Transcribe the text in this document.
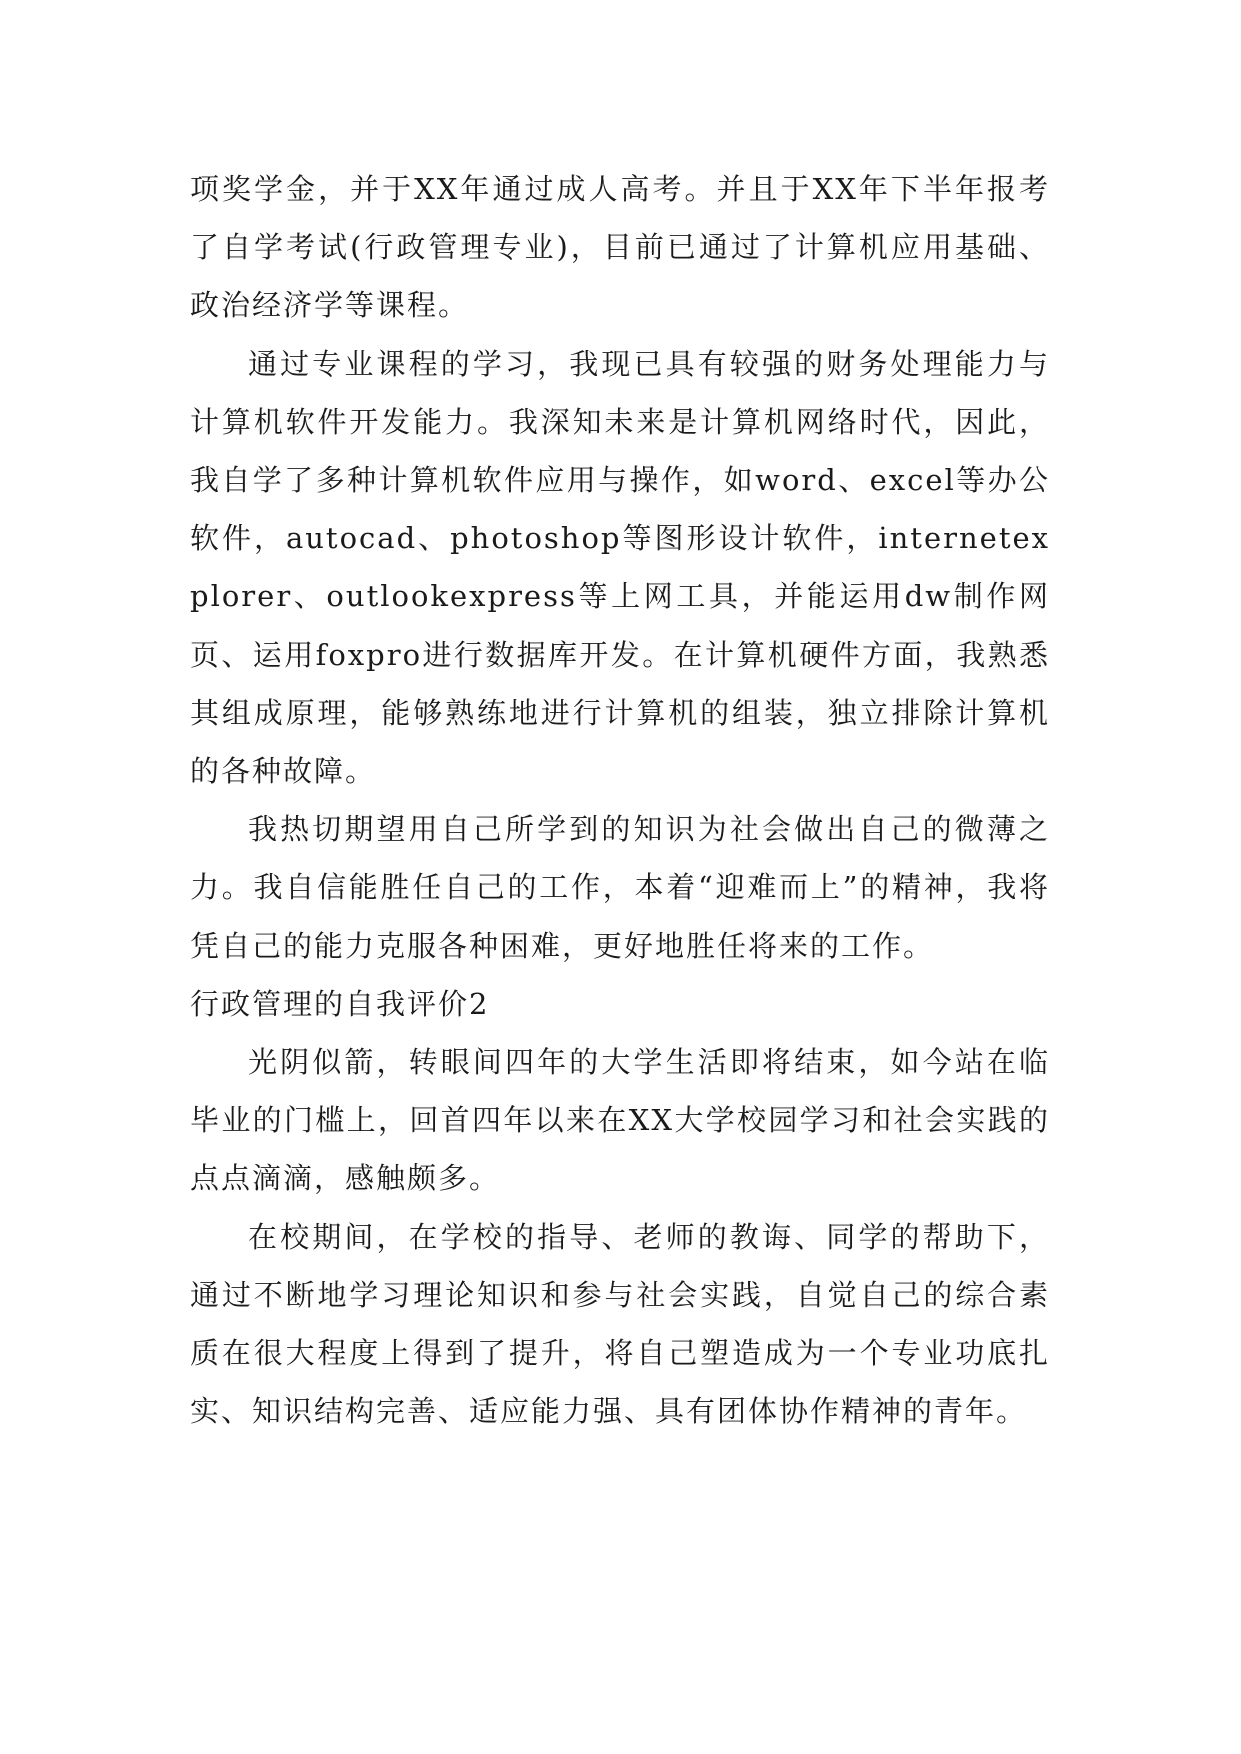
项奖学金，并于XX年通过成人高考。并且于XX年下半年报考了自学考试(行政管理专业)，目前已通过了计算机应用基础、政治经济学等课程。

通过专业课程的学习，我现已具有较强的财务处理能力与计算机软件开发能力。我深知未来是计算机网络时代，因此，我自学了多种计算机软件应用与操作，如word、excel等办公软件，autocad、photoshop等图形设计软件，internetexplorer、outlookexpress等上网工具，并能运用dw制作网页、运用foxpro进行数据库开发。在计算机硬件方面，我熟悉其组成原理，能够熟练地进行计算机的组装，独立排除计算机的各种故障。

我热切期望用自己所学到的知识为社会做出自己的微薄之力。我自信能胜任自己的工作，本着“迎难而上”的精神，我将凭自己的能力克服各种困难，更好地胜任将来的工作。

行政管理的自我评价2

光阴似箭，转眼间四年的大学生活即将结束，如今站在临毕业的门槛上，回首四年以来在XX大学校园学习和社会实践的点点滴滴，感触颇多。

在校期间，在学校的指导、老师的教诲、同学的帮助下，通过不断地学习理论知识和参与社会实践，自觉自己的综合素质在很大程度上得到了提升，将自己塑造成为一个专业功底扎实、知识结构完善、适应能力强、具有团体协作精神的青年。
